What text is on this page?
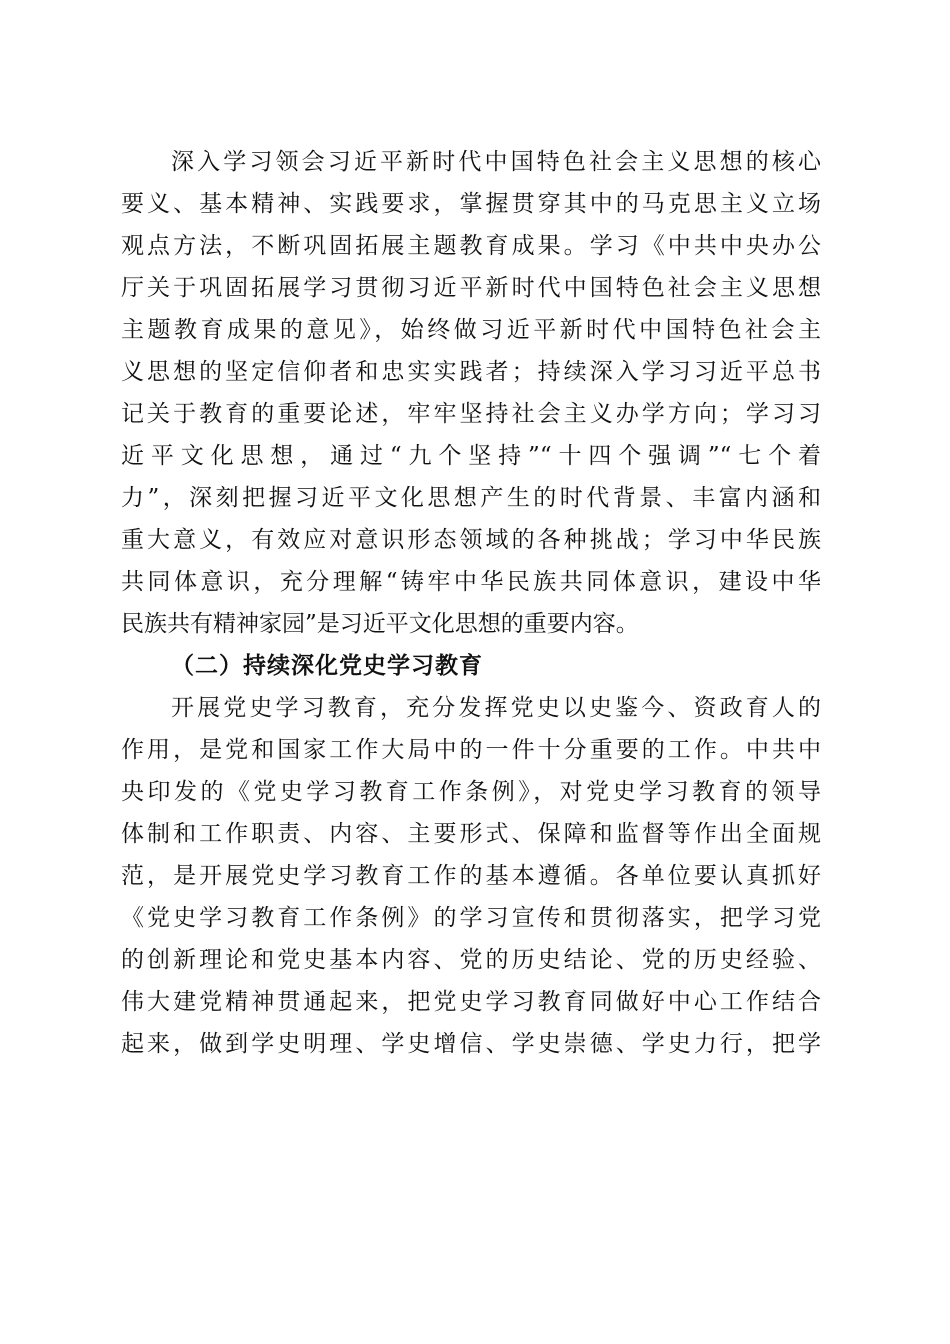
深入学习领会习近平新时代中国特色社会主义思想的核心
要义、基本精神、实践要求，掌握贯穿其中的马克思主义立场
观点方法，不断巩固拓展主题教育成果。学习《中共中央办公
厅关于巩固拓展学习贯彻习近平新时代中国特色社会主义思想
主题教育成果的意见》，始终做习近平新时代中国特色社会主
义思想的坚定信仰者和忠实实践者；持续深入学习习近平总书
记关于教育的重要论述，牢牢坚持社会主义办学方向；学习习
近平文化思想，通过“九个坚持”“十四个强调”“七个着
力”，深刻把握习近平文化思想产生的时代背景、丰富内涵和
重大意义，有效应对意识形态领域的各种挑战；学习中华民族
共同体意识，充分理解“铸牢中华民族共同体意识，建设中华
民族共有精神家园”是习近平文化思想的重要内容。
（二）持续深化党史学习教育
开展党史学习教育，充分发挥党史以史鉴今、资政育人的
作用，是党和国家工作大局中的一件十分重要的工作。中共中
央印发的《党史学习教育工作条例》，对党史学习教育的领导
体制和工作职责、内容、主要形式、保障和监督等作出全面规
范，是开展党史学习教育工作的基本遵循。各单位要认真抓好
《党史学习教育工作条例》的学习宣传和贯彻落实，把学习党
的创新理论和党史基本内容、党的历史结论、党的历史经验、
伟大建党精神贯通起来，把党史学习教育同做好中心工作结合
起来，做到学史明理、学史增信、学史崇德、学史力行，把学
